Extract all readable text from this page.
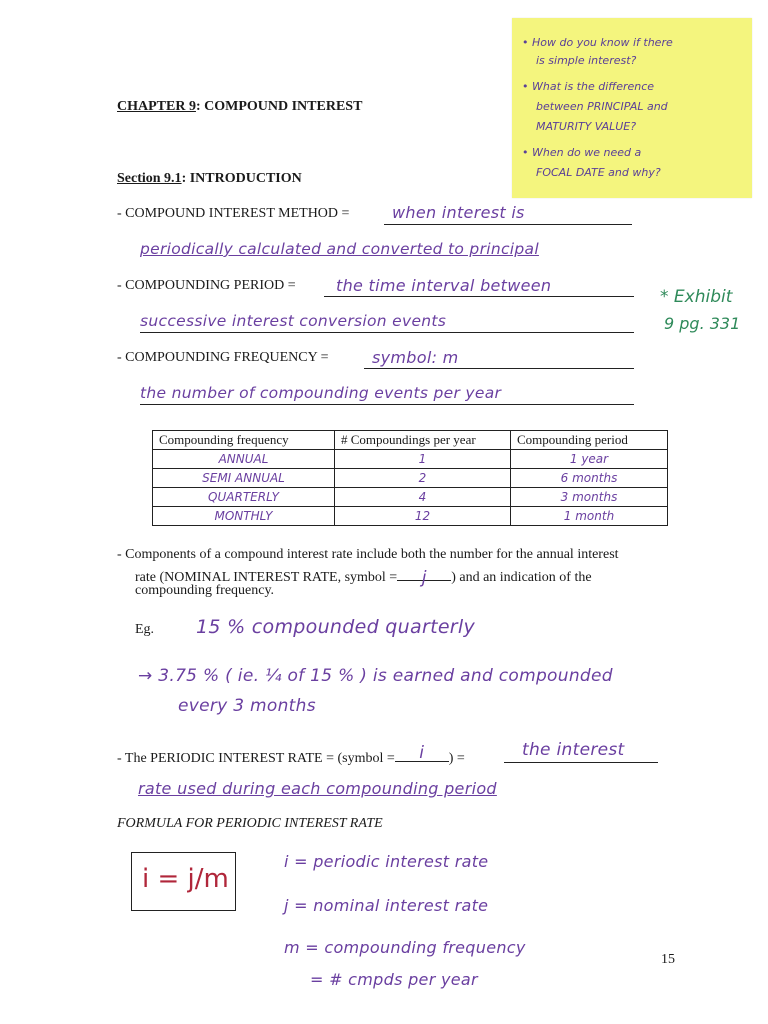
• How do you know if there
is simple interest?
• What is the difference
between PRINCIPAL and
MATURITY VALUE?
• When do we need a
FOCAL DATE and why?
CHAPTER 9: COMPOUND INTEREST
Section 9.1: INTRODUCTION
- COMPOUND INTEREST METHOD =	when interest is
periodically calculated and converted to principal
- COMPOUNDING PERIOD =	the time interval between
successive interest conversion events
* Exhibit
9 pg. 331
- COMPOUNDING FREQUENCY =	symbol: m
the number of compounding events per year
Compounding frequency	# Compoundings per year	Compounding period
ANNUAL	1	1 year
SEMI ANNUAL	2	6 months
QUARTERLY	4	3 months
MONTHLY	12	1 month
- Components of a compound interest rate include both the number for the annual interest
rate (NOMINAL INTEREST RATE, symbol = j ) and an indication of the
compounding frequency.
Eg. 15 % compounded quarterly
→ 3.75 % ( ie. ¼ of 15 % ) is earned and compounded
every 3 months
- The PERIODIC INTEREST RATE = (symbol = i ) =	the interest
rate used during each compounding period
FORMULA FOR PERIODIC INTEREST RATE
i = j/m
i = periodic interest rate
j = nominal interest rate
m = compounding frequency
= # cmpds per year
15
